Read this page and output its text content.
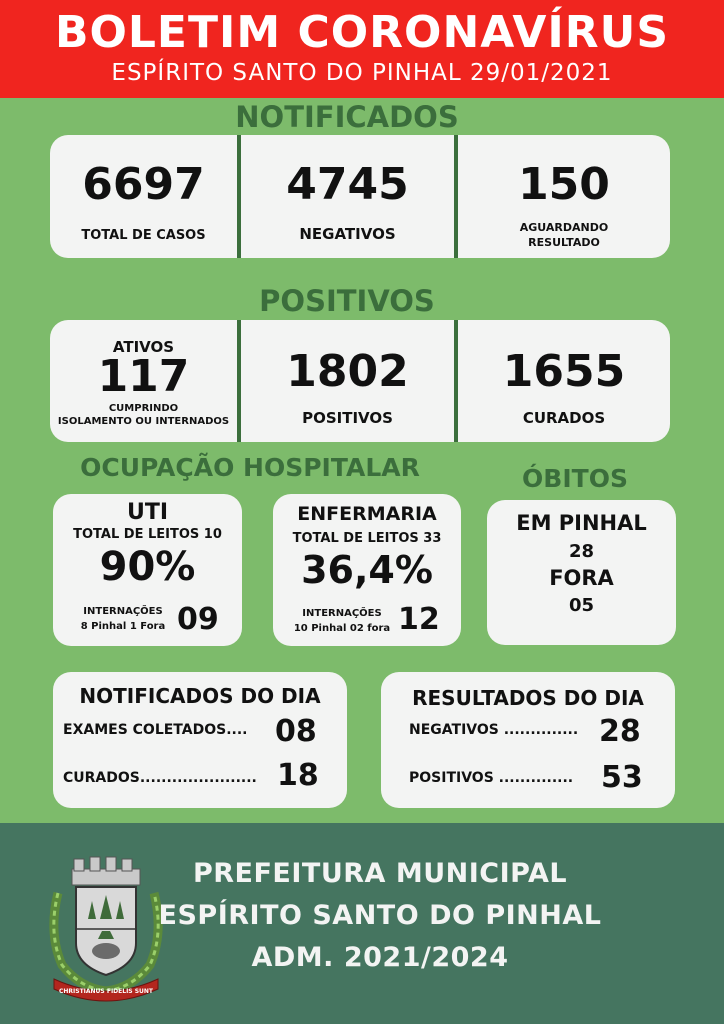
BOLETIM CORONAVÍRUS
ESPÍRITO SANTO DO PINHAL 29/01/2021
NOTIFICADOS
6697
TOTAL DE CASOS
4745
NEGATIVOS
150
AGUARDANDO
RESULTADO
POSITIVOS
ATIVOS
117
CUMPRINDO
ISOLAMENTO OU INTERNADOS
1802
POSITIVOS
1655
CURADOS
OCUPAÇÃO HOSPITALAR	ÓBITOS
UTI
TOTAL DE LEITOS 10
90%
INTERNAÇÕES
8 Pinhal 1 Fora 09
ENFERMARIA
TOTAL DE LEITOS 33
36,4%
INTERNAÇÕES
10 Pinhal 02 fora 12
EM PINHAL
28
FORA
05
NOTIFICADOS DO DIA
EXAMES COLETADOS.... 08
CURADOS...................... 18
RESULTADOS DO DIA
NEGATIVOS .............. 28
POSITIVOS .............. 53
CHRISTIANUS FIDELIS SUNT
PREFEITURA MUNICIPAL
ESPÍRITO SANTO DO PINHAL
ADM. 2021/2024
